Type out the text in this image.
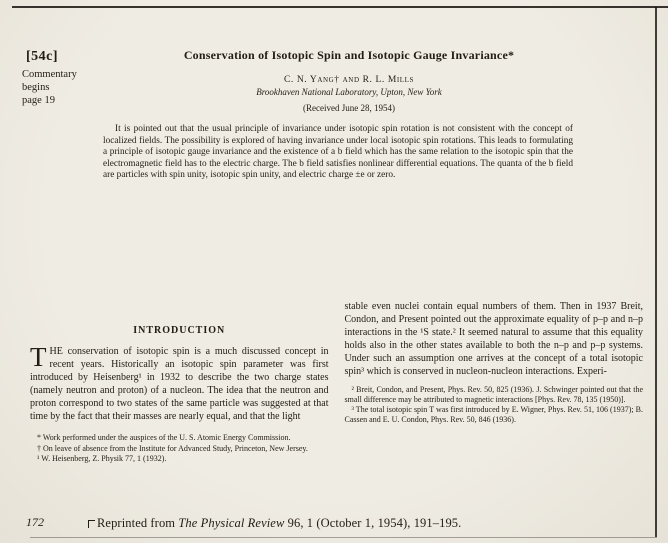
[54c]
Commentary
begins
page 19
Conservation of Isotopic Spin and Isotopic Gauge Invariance*
C. N. Yang† and R. L. Mills
Brookhaven National Laboratory, Upton, New York
(Received June 28, 1954)
It is pointed out that the usual principle of invariance under isotopic spin rotation is not consistent with the concept of localized fields. The possibility is explored of having invariance under local isotopic spin rotations. This leads to formulating a principle of isotopic gauge invariance and the existence of a b field which has the same relation to the isotopic spin that the electromagnetic field has to the electric charge. The b field satisfies nonlinear differential equations. The quanta of the b field are particles with spin unity, isotopic spin unity, and electric charge ±e or zero.
INTRODUCTION
THE conservation of isotopic spin is a much discussed concept in recent years. Historically an isotopic spin parameter was first introduced by Heisenberg¹ in 1932 to describe the two charge states (namely neutron and proton) of a nucleon. The idea that the neutron and proton correspond to two states of the same particle was suggested at that time by the fact that their masses are nearly equal, and that the light

* Work performed under the auspices of the U. S. Atomic Energy Commission.

† On leave of absence from the Institute for Advanced Study, Princeton, New Jersey.

¹ W. Heisenberg, Z. Physik 77, 1 (1932).

stable even nuclei contain equal numbers of them. Then in 1937 Breit, Condon, and Present pointed out the approximate equality of p–p and n–p interactions in the ¹S state.² It seemed natural to assume that this equality holds also in the other states available to both the n–p and p–p systems. Under such an assumption one arrives at the concept of a total isotopic spin³ which is conserved in nucleon-nucleon interactions. Experi-

² Breit, Condon, and Present, Phys. Rev. 50, 825 (1936). J. Schwinger pointed out that the small difference may be attributed to magnetic interactions [Phys. Rev. 78, 135 (1950)].

³ The total isotopic spin T was first introduced by E. Wigner, Phys. Rev. 51, 106 (1937); B. Cassen and E. U. Condon, Phys. Rev. 50, 846 (1936).

172	Reprinted from The Physical Review 96, 1 (October 1, 1954), 191–195.
